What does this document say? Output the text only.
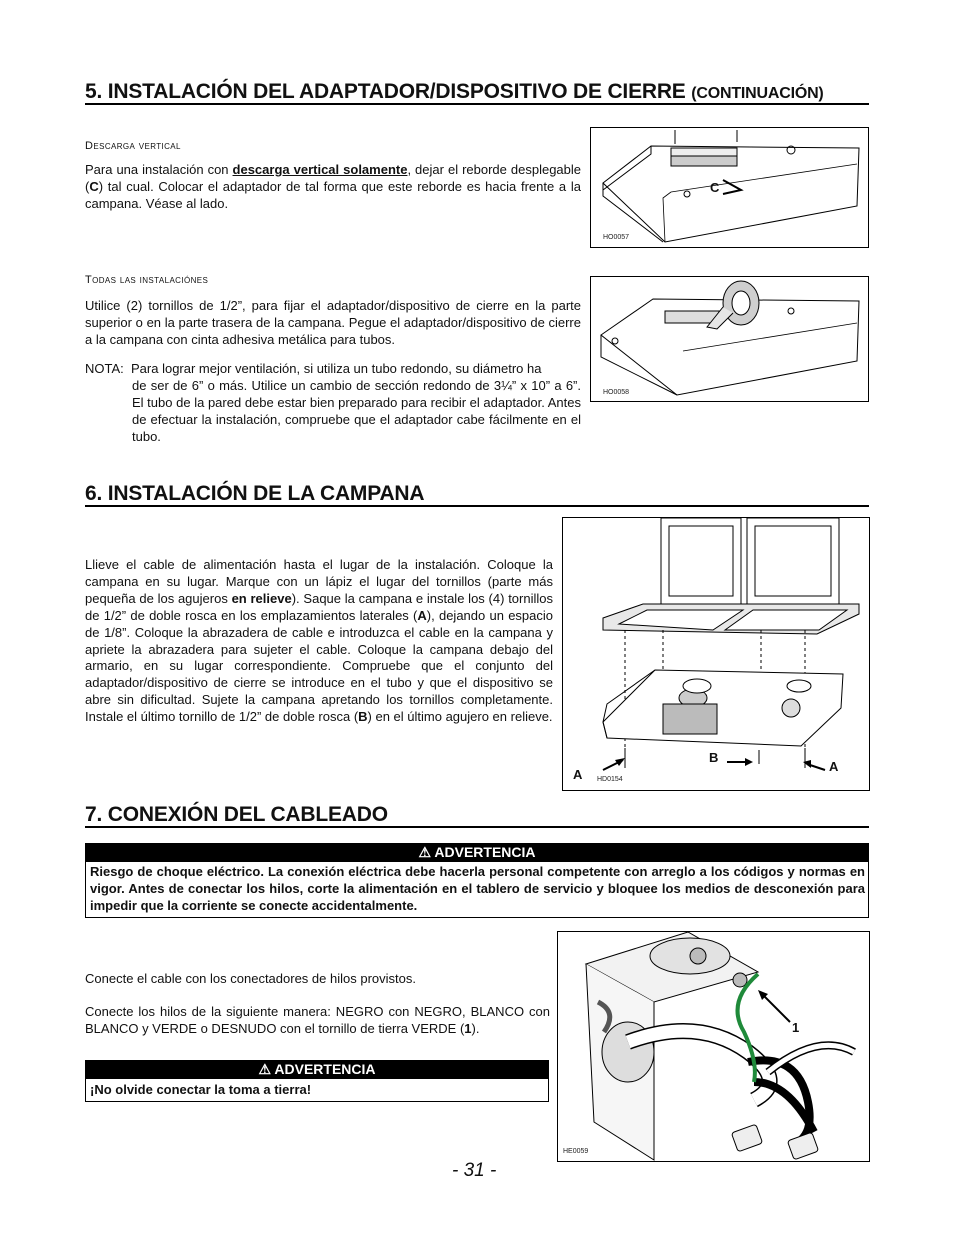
5. INSTALACIÓN DEL ADAPTADOR/DISPOSITIVO DE CIERRE (CONTINUACIÓN)
Descarga vertical
Para una instalación con descarga vertical solamente, dejar el reborde desplegable (C) tal cual. Colocar el adaptador de tal forma que este reborde es hacia frente a la campana. Véase al lado.
C
HO0057
Todas las instalaciónes
Utilice (2) tornillos de 1/2”, para fijar el adaptador/dispositivo de cierre en la parte superior o en la parte trasera de la campana. Pegue el adaptador/dispositivo de cierre a la campana con cinta adhesiva metálica para tubos.
NOTA: Para lograr mejor ventilación, si utiliza un tubo redondo, su diámetro ha
de ser de 6” o más. Utilice un cambio de sección redondo de 3¼” x 10” a 6”. El tubo de la pared debe estar bien preparado para recibir el adaptador. Antes de efectuar la instalación, compruebe que el adaptador cabe fácilmente en el tubo.
HO0058
6. INSTALACIÓN DE LA CAMPANA
Llieve el cable de alimentación hasta el lugar de la instalación. Coloque la campana en su lugar. Marque con un lápiz el lugar del tornillos (parte más pequeña de los agujeros en relieve). Saque la campana e instale los (4) tornillos de 1/2” de doble rosca en los emplazamientos laterales (A), dejando un espacio de 1/8”. Coloque la abrazadera de cable e introduzca el cable en la campana y apriete la abrazadera para sujeter el cable. Coloque la campana debajo del armario, en su lugar correspondiente. Compruebe que el conjunto del adaptador/dispositivo de cierre se introduce en el tubo y que el dispositivo se abre sin dificultad. Sujete la campana apretando los tornillos completamente. Instale el último tornillo de 1/2” de doble rosca (B) en el último agujero en relieve.
A
B
A
HD0154
7. CONEXIÓN DEL CABLEADO
⚠ ADVERTENCIA
Riesgo de choque eléctrico. La conexión eléctrica debe hacerla personal competente con arreglo a los códigos y normas en vigor. Antes de conectar los hilos, corte la alimentación en el tablero de servicio y bloquee los medios de desconexión para impedir que la corriente se conecte accidentalmente.
Conecte el cable con los conectadores de hilos provistos.
Conecte los hilos de la siguiente manera: NEGRO con NEGRO, BLANCO con BLANCO y VERDE o DESNUDO con el tornillo de tierra VERDE (1).
⚠ ADVERTENCIA
¡No olvide conectar la toma a tierra!
1
HE0059
- 31 -
